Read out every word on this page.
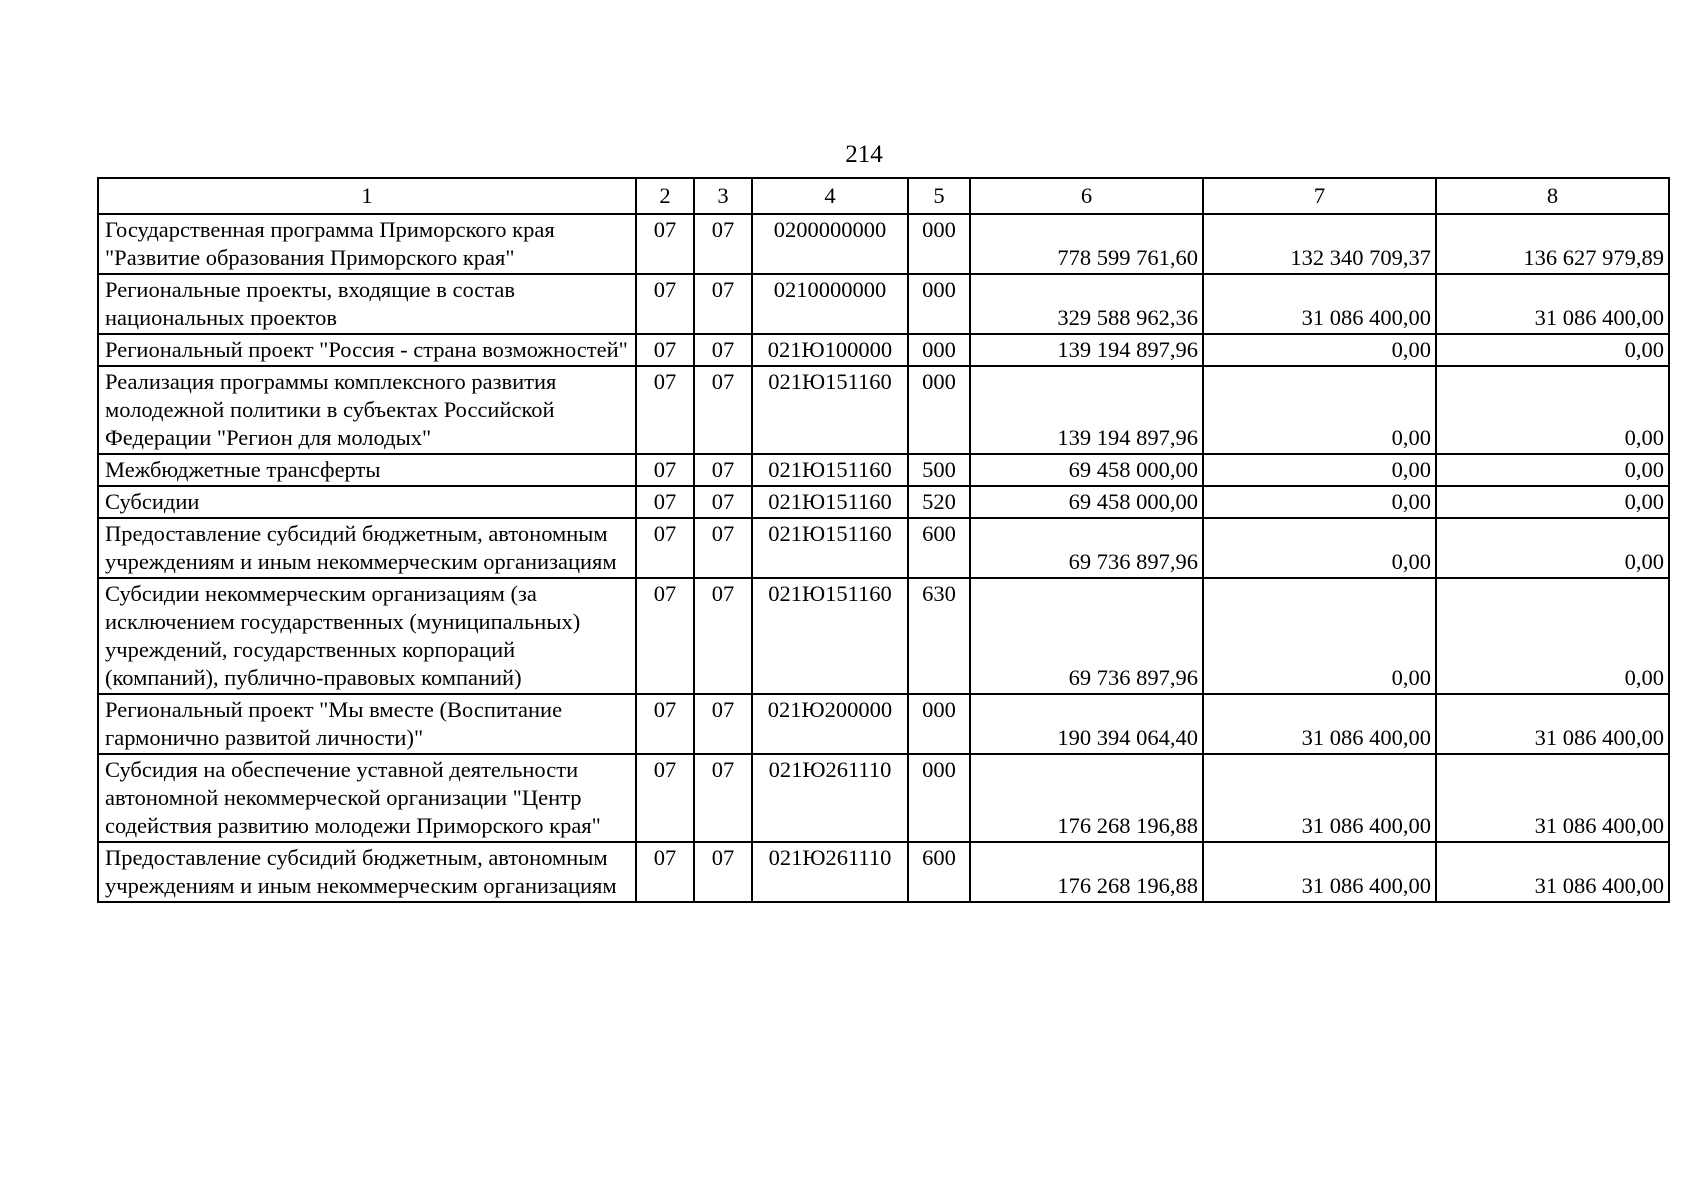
214
1	2	3	4	5	6	7	8
Государственная программа Приморского края "Развитие образования Приморского края"	07	07	0200000000	000	778 599 761,60	132 340 709,37	136 627 979,89
Региональные проекты, входящие в состав национальных проектов	07	07	0210000000	000	329 588 962,36	31 086 400,00	31 086 400,00
Региональный проект "Россия - страна возможностей"	07	07	021Ю100000	000	139 194 897,96	0,00	0,00
Реализация программы комплексного развития молодежной политики в субъектах Российской Федерации "Регион для молодых"	07	07	021Ю151160	000	139 194 897,96	0,00	0,00
Межбюджетные трансферты	07	07	021Ю151160	500	69 458 000,00	0,00	0,00
Субсидии	07	07	021Ю151160	520	69 458 000,00	0,00	0,00
Предоставление субсидий бюджетным, автономным учреждениям и иным некоммерческим организациям	07	07	021Ю151160	600	69 736 897,96	0,00	0,00
Субсидии некоммерческим организациям (за исключением государственных (муниципальных) учреждений, государственных корпораций (компаний), публично-правовых компаний)	07	07	021Ю151160	630	69 736 897,96	0,00	0,00
Региональный проект "Мы вместе (Воспитание гармонично развитой личности)"	07	07	021Ю200000	000	190 394 064,40	31 086 400,00	31 086 400,00
Субсидия на обеспечение уставной деятельности автономной некоммерческой организации "Центр содействия развитию молодежи Приморского края"	07	07	021Ю261110	000	176 268 196,88	31 086 400,00	31 086 400,00
Предоставление субсидий бюджетным, автономным учреждениям и иным некоммерческим организациям	07	07	021Ю261110	600	176 268 196,88	31 086 400,00	31 086 400,00
